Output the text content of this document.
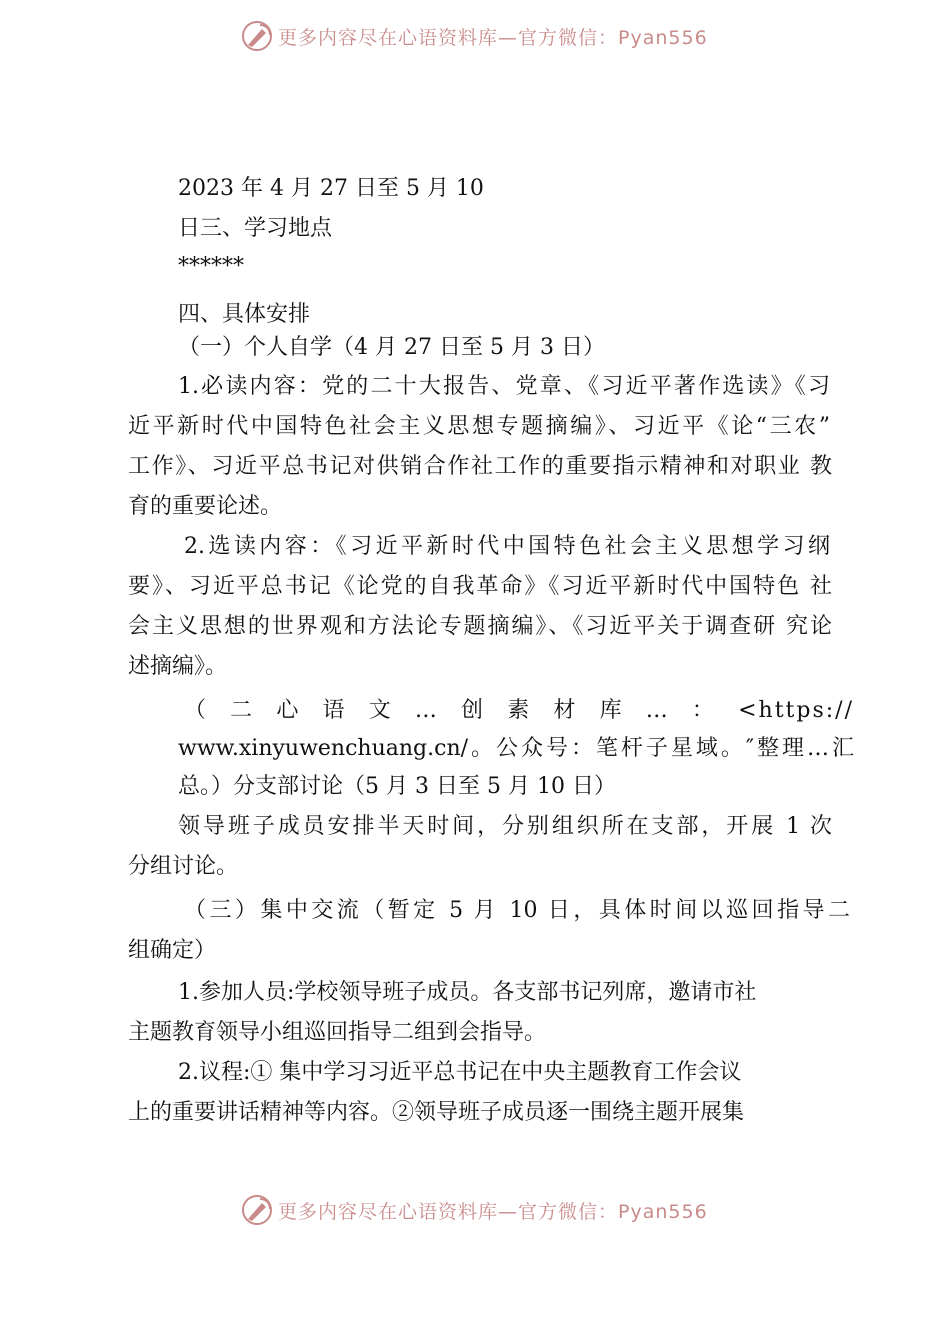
更多内容尽在心语资料库—官方微信：Pyan556
2023 年 4 月 27 日至 5 月 10
日三、学习地点
******
四、具体安排
（一）个人自学（4 月 27 日至 5 月 3 日）
1.必读内容：党的二十大报告、党章、《习近平著作选读》《习
近平新时代中国特色社会主义思想专题摘编》、习近平《论“三农”
工作》、习近平总书记对供销合作社工作的重要指示精神和对职业 教
育的重要论述。
2.选读内容：《习近平新时代中国特色社会主义思想学习纲
要》、习近平总书记《论党的自我革命》《习近平新时代中国特色 社
会主义思想的世界观和方法论专题摘编》、《习近平关于调查研 究论
述摘编》。
（二心语文…创素材库…：<https://
www.xinyuwenchuang.cn/。公众号：笔杆子星域。″整理…汇
总。）分支部讨论（5 月 3 日至 5 月 10 日）
领导班子成员安排半天时间，分别组织所在支部，开展 1 次
分组讨论。
（三）集中交流（暂定 5 月 10 日，具体时间以巡回指导二
组确定）
1.参加人员:学校领导班子成员。各支部书记列席，邀请市社
主题教育领导小组巡回指导二组到会指导。
2.议程:① 集中学习习近平总书记在中央主题教育工作会议
上的重要讲话精神等内容。②领导班子成员逐一围绕主题开展集
更多内容尽在心语资料库—官方微信：Pyan556
